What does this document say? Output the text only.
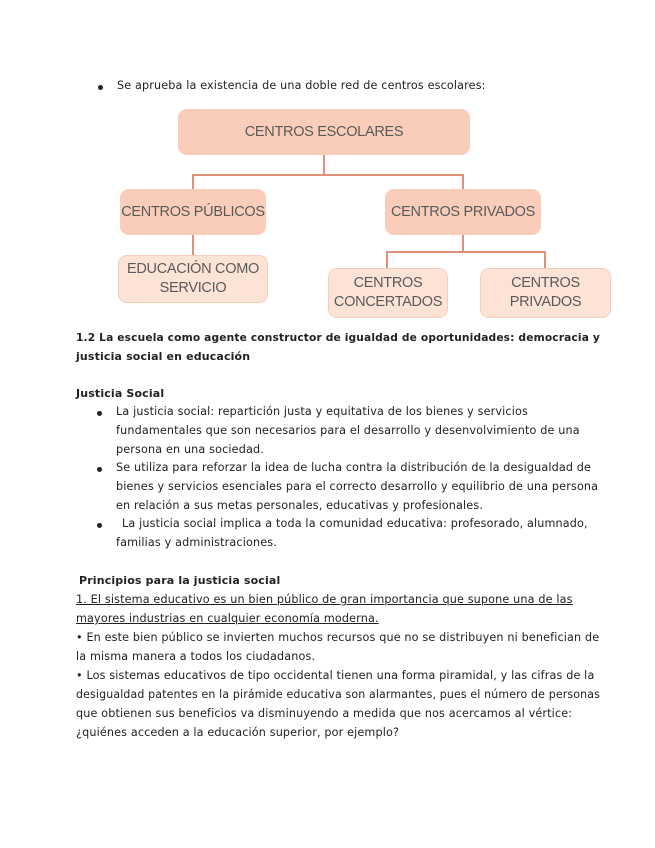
Se aprueba la existencia de una doble red de centros escolares:
CENTROS ESCOLARES
CENTROS PÚBLICOS	CENTROS PRIVADOS
EDUCACIÓN COMO
SERVICIO	CENTROS
CONCERTADOS
CENTROS
PRIVADOS
1.2 La escuela como agente constructor de igualdad de oportunidades: democracia y
justicia social en educación
Justicia Social
La justicia social: repartición justa y equitativa de los bienes y servicios
fundamentales que son necesarios para el desarrollo y desenvolvimiento de una
persona en una sociedad.
Se utiliza para reforzar la idea de lucha contra la distribución de la desigualdad de
bienes y servicios esenciales para el correcto desarrollo y equilibrio de una persona
en relación a sus metas personales, educativas y profesionales.
La justicia social implica a toda la comunidad educativa: profesorado, alumnado,
familias y administraciones.
Principios para la justicia social
1. El sistema educativo es un bien público de gran importancia que supone una de las
mayores industrias en cualquier economía moderna.
• En este bien público se invierten muchos recursos que no se distribuyen ni benefician de
la misma manera a todos los ciudadanos.
• Los sistemas educativos de tipo occidental tienen una forma piramidal, y las cifras de la
desigualdad patentes en la pirámide educativa son alarmantes, pues el número de personas
que obtienen sus beneficios va disminuyendo a medida que nos acercamos al vértice:
¿quiénes acceden a la educación superior, por ejemplo?
